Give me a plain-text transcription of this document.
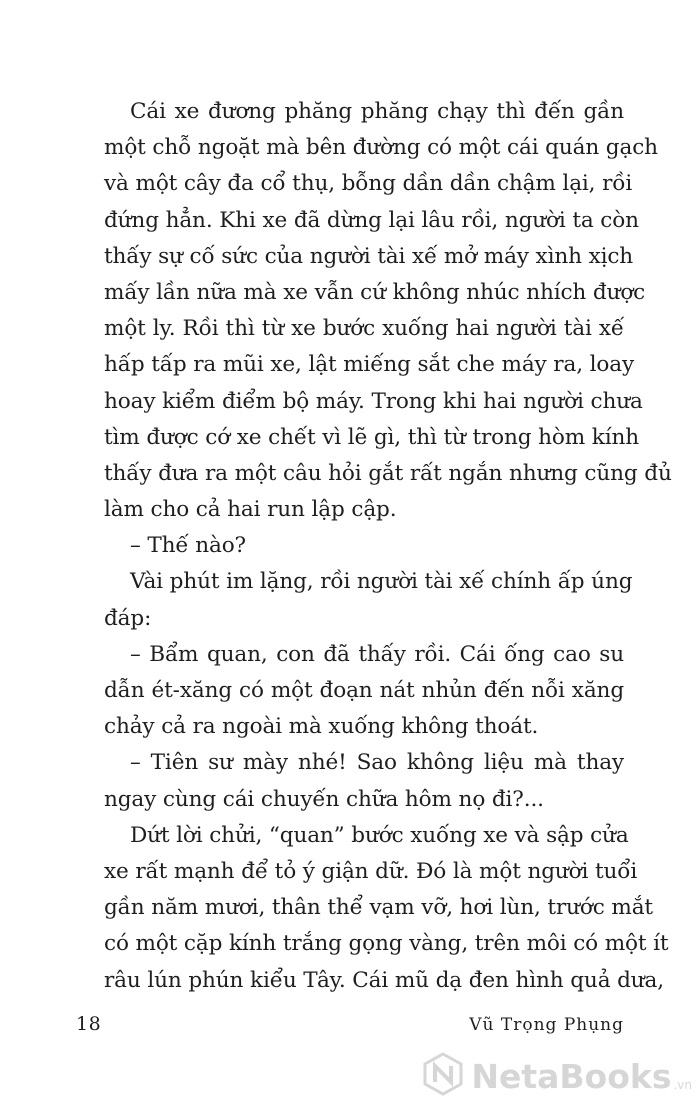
Cái xe đương phăng phăng chạy thì đến gần
một chỗ ngoặt mà bên đường có một cái quán gạch
và một cây đa cổ thụ, bỗng dần dần chậm lại, rồi
đứng hẳn. Khi xe đã dừng lại lâu rồi, người ta còn
thấy sự cố sức của người tài xế mở máy xình xịch
mấy lần nữa mà xe vẫn cứ không nhúc nhích được
một ly. Rồi thì từ xe bước xuống hai người tài xế
hấp tấp ra mũi xe, lật miếng sắt che máy ra, loay
hoay kiểm điểm bộ máy. Trong khi hai người chưa
tìm được cớ xe chết vì lẽ gì, thì từ trong hòm kính
thấy đưa ra một câu hỏi gắt rất ngắn nhưng cũng đủ
làm cho cả hai run lập cập.
– Thế nào?
Vài phút im lặng, rồi người tài xế chính ấp úng
đáp:
– Bẩm quan, con đã thấy rồi. Cái ống cao su
dẫn ét-xăng có một đoạn nát nhủn đến nỗi xăng
chảy cả ra ngoài mà xuống không thoát.
– Tiên sư mày nhé! Sao không liệu mà thay
ngay cùng cái chuyến chữa hôm nọ đi?...
Dứt lời chửi, “quan” bước xuống xe và sập cửa
xe rất mạnh để tỏ ý giận dữ. Đó là một người tuổi
gần năm mươi, thân thể vạm vỡ, hơi lùn, trước mắt
có một cặp kính trắng gọng vàng, trên môi có một ít
râu lún phún kiểu Tây. Cái mũ dạ đen hình quả dưa,
18	Vũ Trọng Phụng
NetaBooks .vn
